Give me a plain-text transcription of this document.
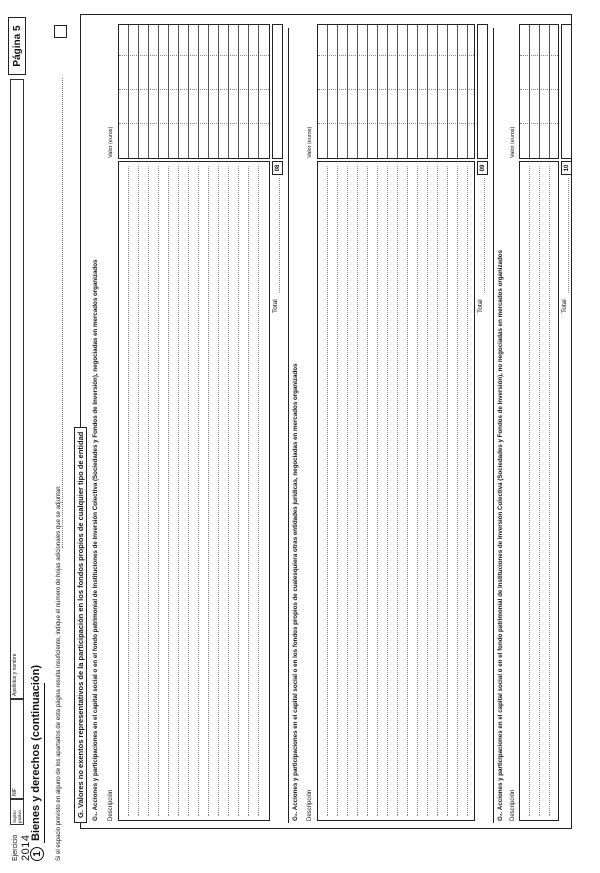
Ejercicio 2014
Sujeto pasivo
NIF
Apellidos y nombre
Página 5
1
Bienes y derechos (continuación) Si el espacio previsto en alguno de los apartados de esta página resulta insuficiente, indique el número de hojas adicionales que se adjuntan G. Valores no exentos representativos de la participación en los fondos propios de cualquier tipo de entidad	G₁. Acciones y participaciones en el capital social o en el fondo patrimonial de Instituciones de Inversión Colectiva (Sociedades y Fondos de Inversión), negociadas en mercados organizados Descripción
Valor (euros)
Total
08
G₂. Acciones y participaciones en el capital social o en los fondos propios de cualesquiera otras entidades jurídicas, negociadas en mercados organizados Descripción
Valor (euros)
Total
09
G₃. Acciones y participaciones en el capital social o en el fondo patrimonial de Instituciones de Inversión Colectiva (Sociedades y Fondos de Inversión), no negociadas en mercados organizados Descripción
Valor (euros)
Total
10
